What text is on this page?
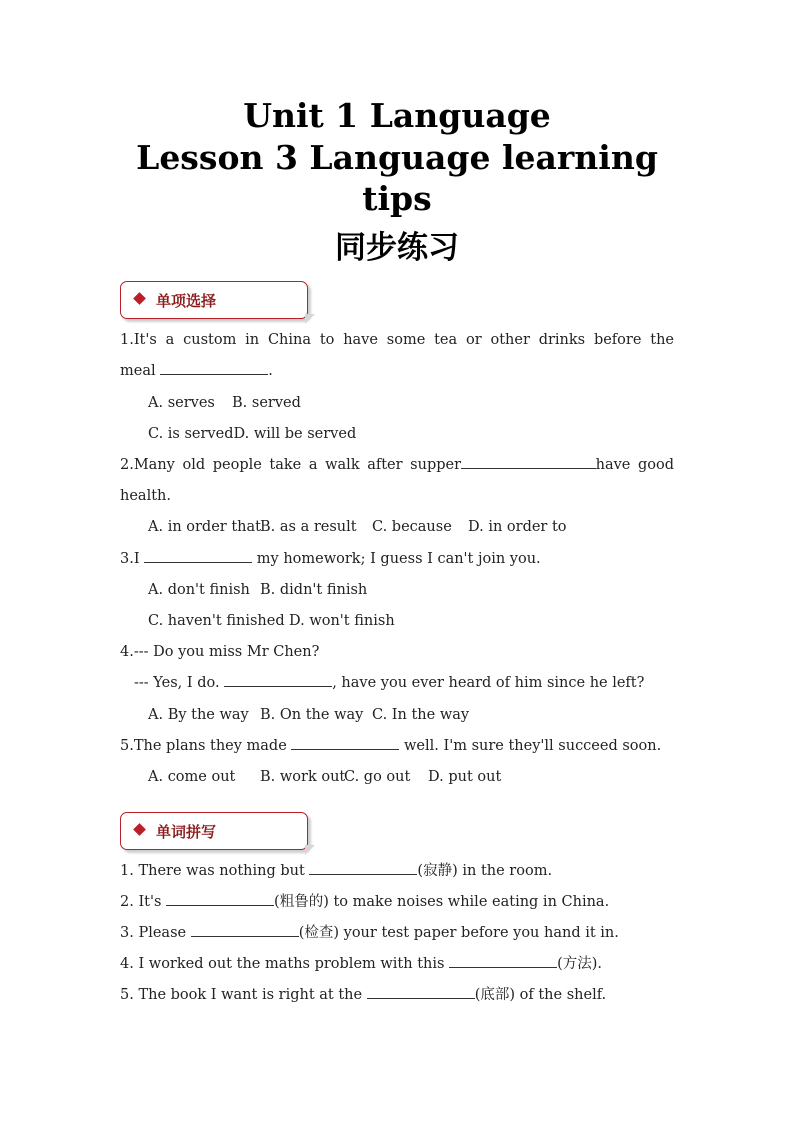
Unit 1 Language
Lesson 3 Language learning
tips
同步练习
单项选择
1.It's a custom in China to have some tea or other drinks before the
meal	.
A. serves B. served
C. is servedD. will be served
2.Many old people take a walk after supper	have good
health.
A. in order thatB. as a result C. because D. in order to
3.I	my homework; I guess I can't join you.
A. don't finish B. didn't finish
C. haven't finished D. won't finish
4.--- Do you miss Mr Chen?
--- Yes, I do.	, have you ever heard of him since he left?
A. By the way B. On the way C. In the way
5.The plans they made	well. I'm sure they'll succeed soon.
A. come out B. work outC. go out D. put out
单词拼写
1. There was nothing but	(寂静) in the room.
2. It's	(粗鲁的) to make noises while eating in China.
3. Please	(检查) your test paper before you hand it in.
4. I worked out the maths problem with this	(方法).
5. The book I want is right at the	(底部) of the shelf.
